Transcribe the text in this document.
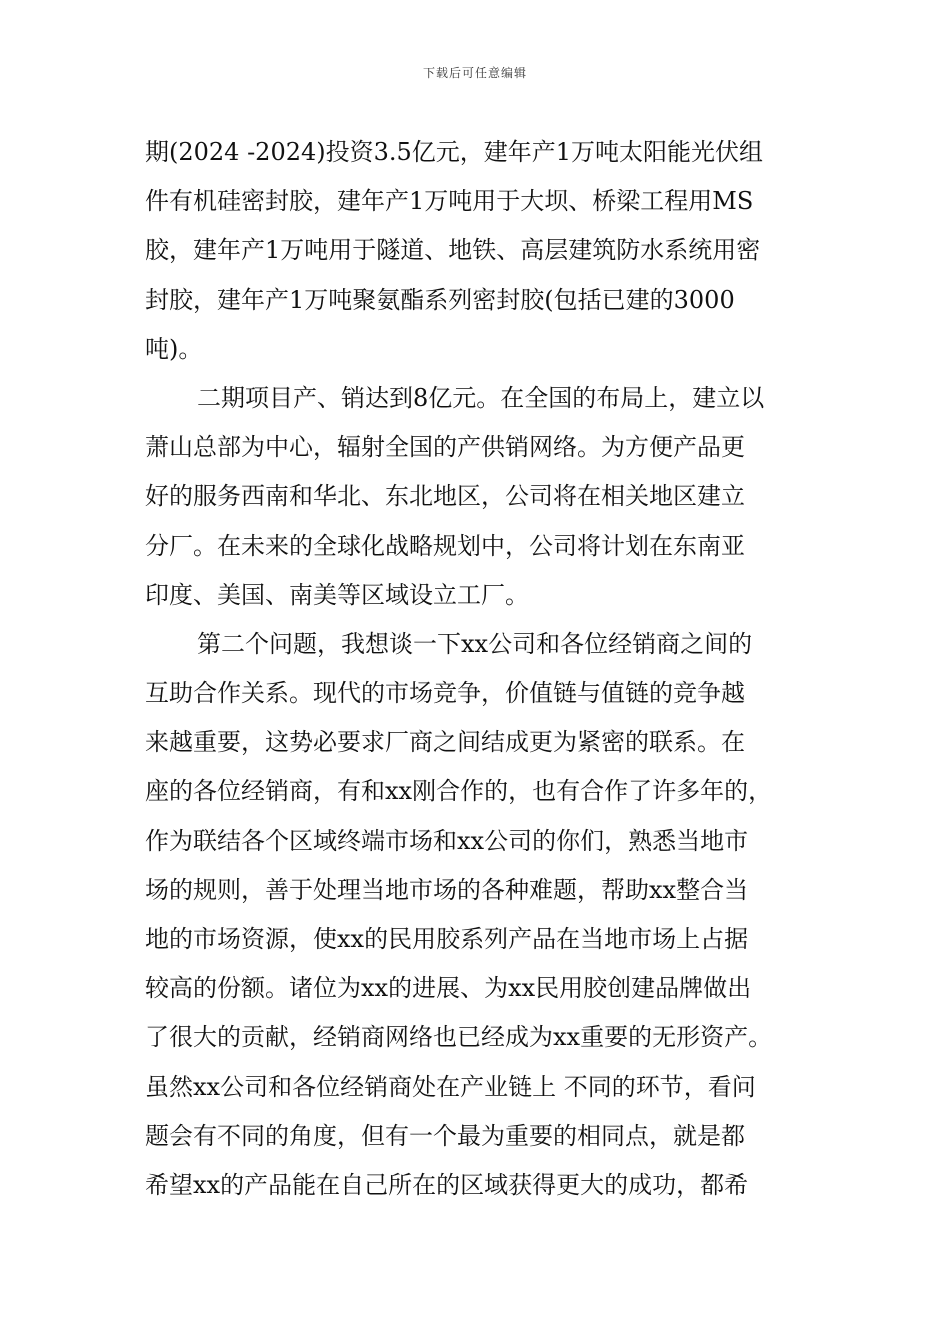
下载后可任意编辑
期(2024 -2024)投资3.5亿元，建年产1万吨太阳能光伏组
件有机硅密封胶，建年产1万吨用于大坝、桥梁工程用MS
胶，建年产1万吨用于隧道、地铁、高层建筑防水系统用密
封胶，建年产1万吨聚氨酯系列密封胶(包括已建的3000
吨)。
二期项目产、销达到8亿元。在全国的布局上，建立以
萧山总部为中心，辐射全国的产供销网络。为方便产品更
好的服务西南和华北、东北地区，公司将在相关地区建立
分厂。在未来的全球化战略规划中，公司将计划在东南亚
印度、美国、南美等区域设立工厂。
第二个问题，我想谈一下xx公司和各位经销商之间的
互助合作关系。现代的市场竞争，价值链与值链的竞争越
来越重要，这势必要求厂商之间结成更为紧密的联系。在
座的各位经销商，有和xx刚合作的，也有合作了许多年的，
作为联结各个区域终端市场和xx公司的你们，熟悉当地市
场的规则，善于处理当地市场的各种难题，帮助xx整合当
地的市场资源，使xx的民用胶系列产品在当地市场上占据
较高的份额。诸位为xx的进展、为xx民用胶创建品牌做出
了很大的贡献，经销商网络也已经成为xx重要的无形资产。
虽然xx公司和各位经销商处在产业链上 不同的环节，看问
题会有不同的角度，但有一个最为重要的相同点，就是都
希望xx的产品能在自己所在的区域获得更大的成功，都希
